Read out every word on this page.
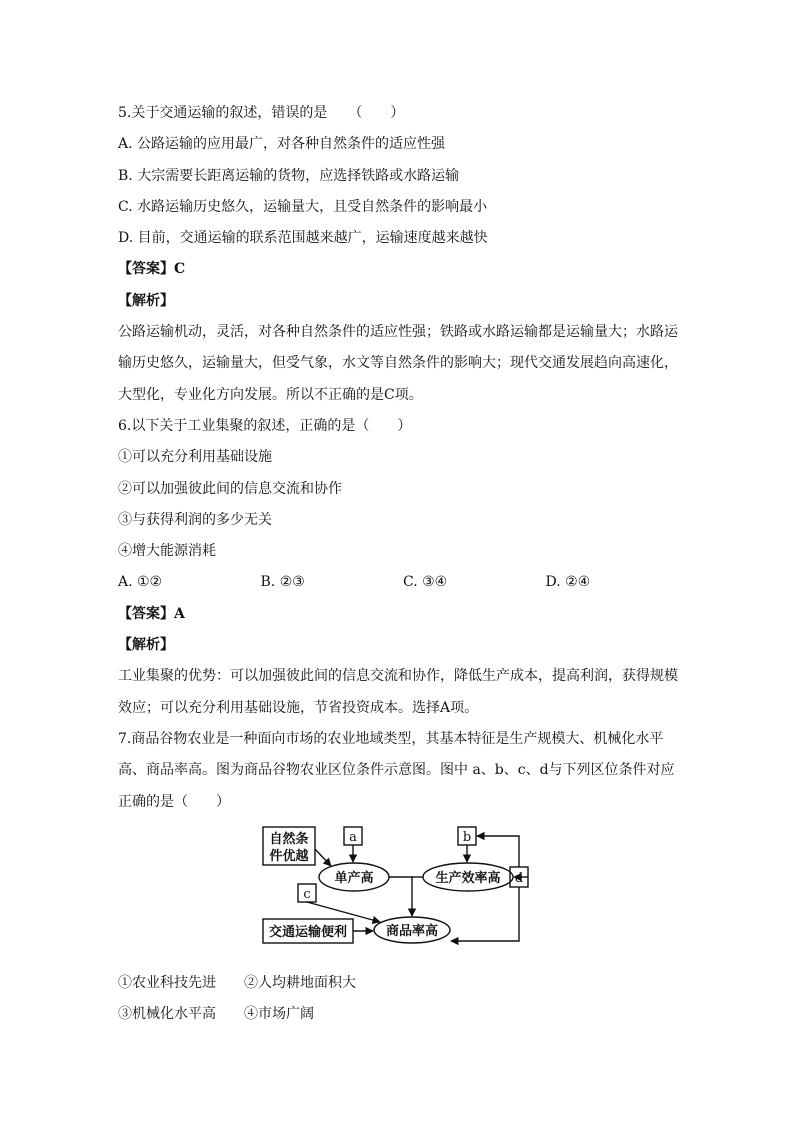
5.关于交通运输的叙述，错误的是　　（　　）
A. 公路运输的应用最广，对各种自然条件的适应性强
B. 大宗需要长距离运输的货物，应选择铁路或水路运输
C. 水路运输历史悠久，运输量大，且受自然条件的影响最小
D. 目前，交通运输的联系范围越来越广，运输速度越来越快
【答案】C
【解析】
公路运输机动，灵活，对各种自然条件的适应性强；铁路或水路运输都是运输量大；水路运输历史悠久，运输量大，但受气象，水文等自然条件的影响大；现代交通发展趋向高速化，大型化，专业化方向发展。所以不正确的是C项。
6.以下关于工业集聚的叙述，正确的是（　　）
①可以充分利用基础设施
②可以加强彼此间的信息交流和协作
③与获得利润的多少无关
④增大能源消耗
A. ①②	B. ②③	C. ③④	D. ②④
【答案】A
【解析】
工业集聚的优势：可以加强彼此间的信息交流和协作，降低生产成本，提高利润，获得规模效应；可以充分利用基础设施，节省投资成本。选择A项。
7.商品谷物农业是一种面向市场的农业地域类型，其基本特征是生产规模大、机械化水平高、商品率高。图为商品谷物农业区位条件示意图。图中 a、b、c、d与下列区位条件对应正确的是（　　）
自然条
件优越
a	b
d
c
单产高	生产效率高
商品率高
交通运输便利
①农业科技先进　　②人均耕地面积大
③机械化水平高　　④市场广阔
